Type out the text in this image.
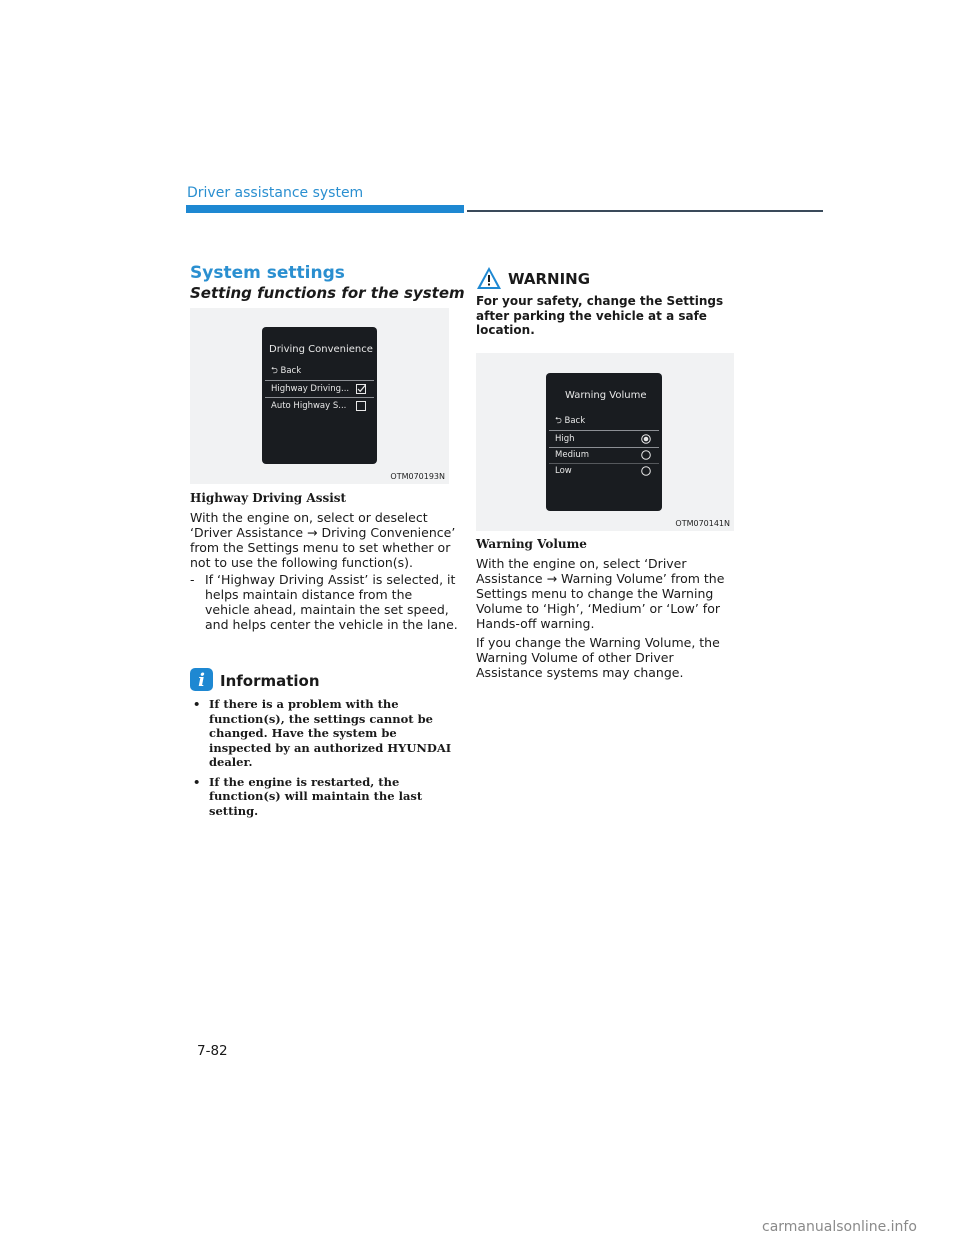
Driver assistance system
System settings
Setting functions for the system
Driving Convenience
⮌ Back
Highway Driving...
Auto Highway S...
OTM070193N
Highway Driving Assist
With the engine on, select or deselect ‘Driver Assistance → Driving Convenience’ from the Settings menu to set whether or not to use the following function(s).
- If ‘Highway Driving Assist’ is selected, it helps maintain distance from the vehicle ahead, maintain the set speed, and helps center the vehicle in the lane.
i Information
• If there is a problem with the function(s), the settings cannot be changed. Have the system be inspected by an authorized HYUNDAI dealer.
• If the engine is restarted, the function(s) will maintain the last setting.
WARNING
For your safety, change the Settings after parking the vehicle at a safe location.
Warning Volume
⮌ Back
High
Medium
Low
OTM070141N
Warning Volume
With the engine on, select ‘Driver Assistance → Warning Volume’ from the Settings menu to change the Warning Volume to ‘High’, ‘Medium’ or ‘Low’ for Hands-off warning.
If you change the Warning Volume, the Warning Volume of other Driver Assistance systems may change.
7-82
carmanualsonline.info
